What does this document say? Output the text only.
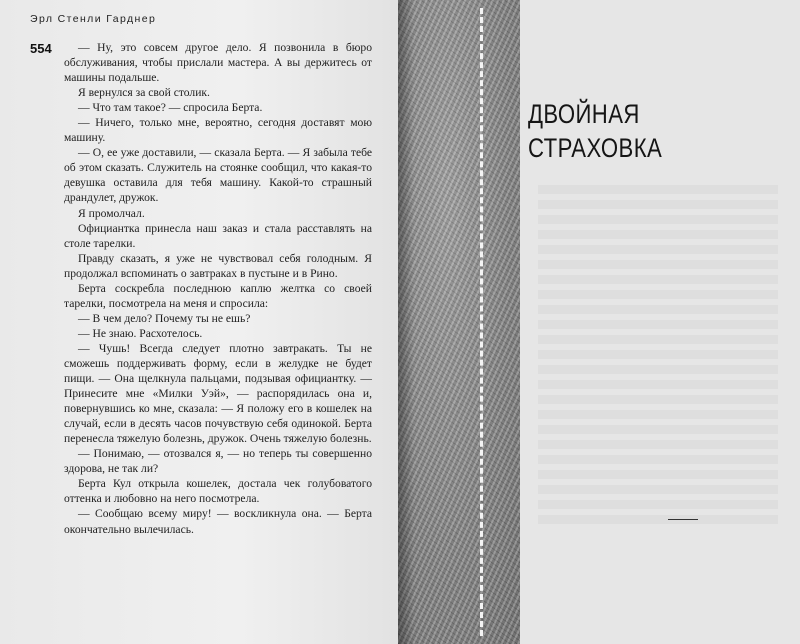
Эрл Стенли Гарднер
554	— Ну, это совсем другое дело. Я позвонила в бюро обслуживания, чтобы прислали мастера. А вы держитесь от машины подальше.

Я вернулся за свой столик.

— Что там такое? — спросила Берта.

— Ничего, только мне, вероятно, сегодня доставят мою машину.

— О, ее уже доставили, — сказала Берта. — Я забыла тебе об этом сказать. Служитель на стоянке сообщил, что какая-то девушка оставила для тебя машину. Какой-то страшный драндулет, дружок.

Я промолчал.

Официантка принесла наш заказ и стала расставлять на столе тарелки.

Правду сказать, я уже не чувствовал себя голодным. Я продолжал вспоминать о завтраках в пустыне и в Рино.

Берта соскребла последнюю каплю желтка со своей тарелки, посмотрела на меня и спросила:

— В чем дело? Почему ты не ешь?

— Не знаю. Расхотелось.

— Чушь! Всегда следует плотно завтракать. Ты не сможешь поддерживать форму, если в желудке не будет пищи. — Она щелкнула пальцами, подзывая официантку. — Принесите мне «Милки Уэй», — распорядилась она и, повернувшись ко мне, сказала: — Я положу его в кошелек на случай, если в десять часов почувствую себя одинокой. Берта перенесла тяжелую болезнь, дружок. Очень тяжелую болезнь.

— Понимаю, — отозвался я, — но теперь ты совершенно здорова, не так ли?

Берта Кул открыла кошелек, достала чек голубоватого оттенка и любовно на него посмотрела.

— Сообщаю всему миру! — воскликнула она. — Берта окончательно вылечилась.

ДВОЙНАЯ
СТРАХОВКА
